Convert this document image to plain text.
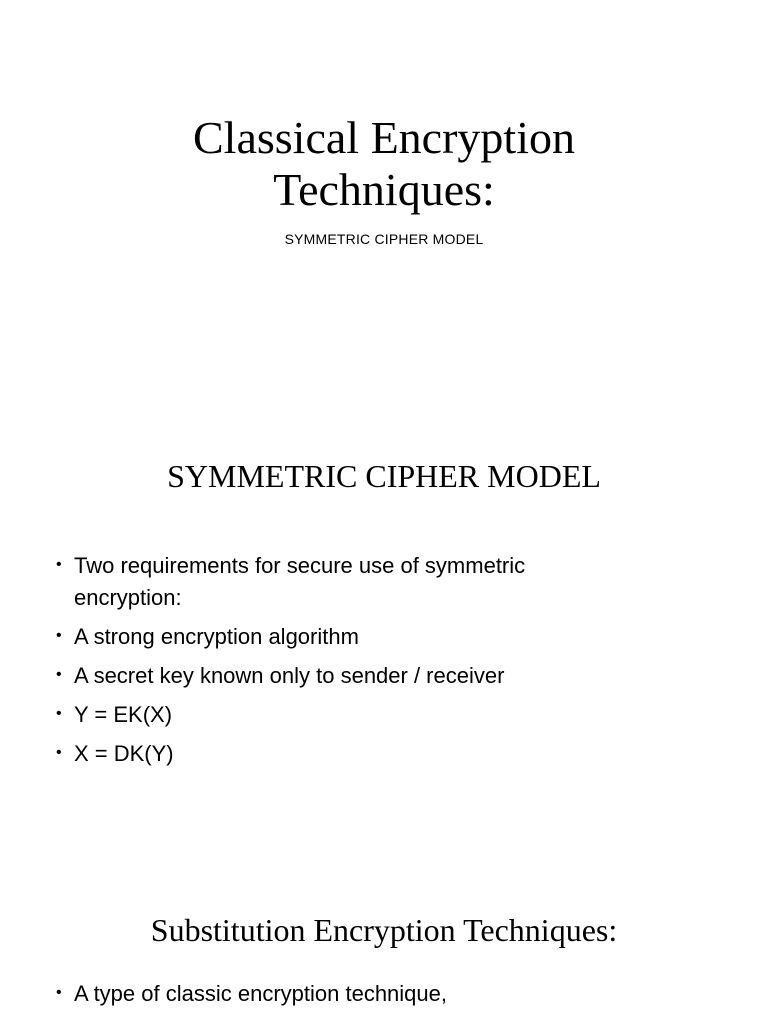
Classical Encryption
Techniques:
SYMMETRIC CIPHER MODEL
SYMMETRIC CIPHER MODEL
• Two requirements for secure use of symmetric
encryption:
• A strong encryption algorithm
• A secret key known only to sender / receiver
• Y = EK(X)
• X = DK(Y)
Substitution Encryption Techniques:
• A type of classic encryption technique,
